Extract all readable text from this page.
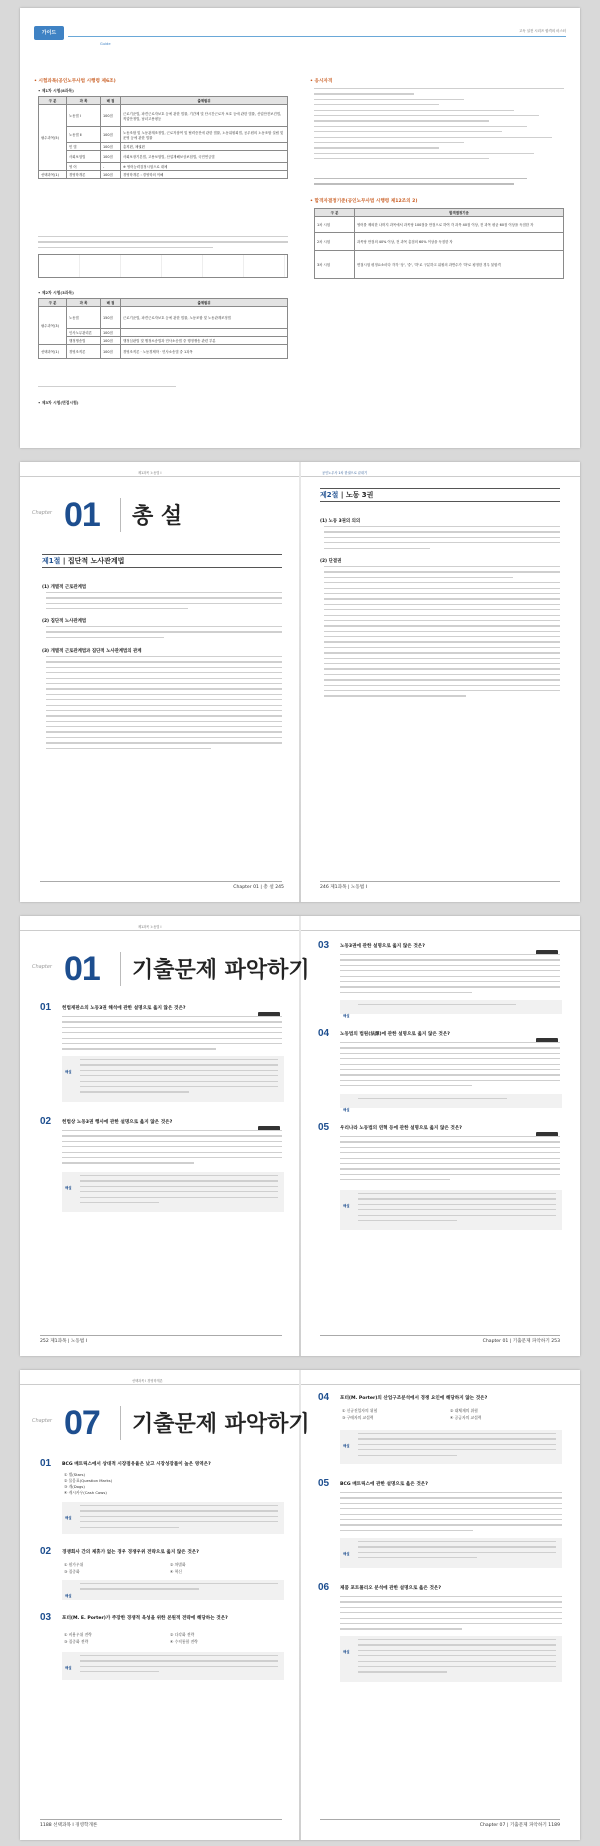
가이드
Guide
고득 실전 시리즈 합격의 마스터
• 시험과목(공인노무사법 시행령 제6조)
• 제1차 시험(8과목)
구 분	과 목	배 점	출제범위
필수과목(5)	노동법 Ⅰ	100점	근로기준법, 파견근로자보호 등에 관한 법률, 기간제 및 단시간근로자 보호 등에 관한 법률, 산업안전보건법, 직업안정법, 남녀고용평등
	노동법 Ⅱ	100점	노동조합 및 노동관계조정법, 근로자참여 및 협력증진에 관한 법률, 노동위원회법, 공무원의 노동조합 설립 및 운영 등에 관한 법률
	민 법	100점	총칙편, 채권편
	사회보험법	100점	사회보장기본법, 고용보험법, 산업재해보상보험법, 국민연금법
	영 어	-	※ 영어능력검정시험으로 대체
선택과목(1)	경영학개론	100점	경영학개론 : 경영학의 이해
• 제2차 시험(3과목)
구 분	과 목	배 점	출제범위
필수과목(3)	노동법	150점	근로기준법, 파견근로자보호 등에 관한 법률, 노동조합 및 노동관계조정법
	인사노무관리론	100점	
	행정쟁송법	100점	행정심판법 및 행정소송법과 민사소송법 중 행정쟁송 관련 부분
선택과목(1)	경영조직론	100점	경영조직론 · 노동경제학 · 민사소송법 중 1과목
• 제3차 시험(면접시험)
• 응시자격
• 합격자결정기준(공인노무사법 시행령 제12조의 2)
구 분	합격결정기준
1차 시험	영어를 제외한 나머지 과목에서 과목당 100점을 만점으로 하여 각 과목 40점 이상, 전 과목 평균 60점 이상을 득점한 자
2차 시험	과목당 만점의 40% 이상, 전 과목 총점의 60% 이상을 득점한 자
3차 시험	면접시험 평정요소마다 각각 '상', '중', '하'로 구분하고 위원의 과반수가 '하'로 평정한 경우 불합격
제1과목 노동법 Ⅰ	공인노무사 1차 한권으로 끝내기
Chapter 01 총 설
제1절 | 집단적 노사관계법
(1) 개별적 근로관계법
(2) 집단적 노사관계법
(3) 개별적 근로관계법과 집단적 노사관계법의 관계
제2절 | 노동 3권
(1) 노동 3권의 의의
(2) 단결권
Chapter 01 | 총 설 245	246 제1과목 | 노동법 Ⅰ
제1과목 노동법 Ⅰ
Chapter 01 기출문제 파악하기
01 헌법재판소의 노동3권 해석에 관한 설명으로 옳지 않은 것은?
해설
02 헌법상 노동3권 행사에 관한 설명으로 옳지 않은 것은?
해설
03 노동3권에 관한 설명으로 옳지 않은 것은?
해설
04 노동법의 법원(法源)에 관한 설명으로 옳지 않은 것은?
해설
05 우리나라 노동법의 연혁 등에 관한 설명으로 옳지 않은 것은?
해설
252 제1과목 | 노동법 Ⅰ	Chapter 01 | 기출문제 파악하기 253
선택과목 I 경영학개론
Chapter 07 기출문제 파악하기
01 BCG 매트릭스에서 상대적 시장점유율은 낮고 시장성장률이 높은 영역은?
① 별(Stars)
② 물음표(Question Marks)
③ 개(Dogs)
④ 캐시카우(Cash Cows)
해설
02 경쟁회사 간의 제휴가 없는 경우 경쟁우위 전략으로 옳지 않은 것은?
① 원가우위	② 차별화
③ 집중화	④ 혁신
해설
03 포터(M. E. Porter)가 주장한 경쟁적 육성을 위한 본원적 전략에 해당하는 것은?
① 비용우위 전략	② 다각화 전략
③ 집중화 전략	④ 수직통합 전략
해설
04 포터(M. Porter)의 산업구조분석에서 경쟁 요인에 해당하지 않는 것은?
① 신규진입자의 위협	② 대체재의 위협
③ 구매자의 교섭력	④ 공급자의 교섭력
해설
05 BCG 매트릭스에 관한 설명으로 옳은 것은?
해설
06 제품 포트폴리오 분석에 관한 설명으로 옳은 것은?
해설
1188 선택과목 I 경영학개론	Chapter 07 | 기출문제 파악하기 1189
